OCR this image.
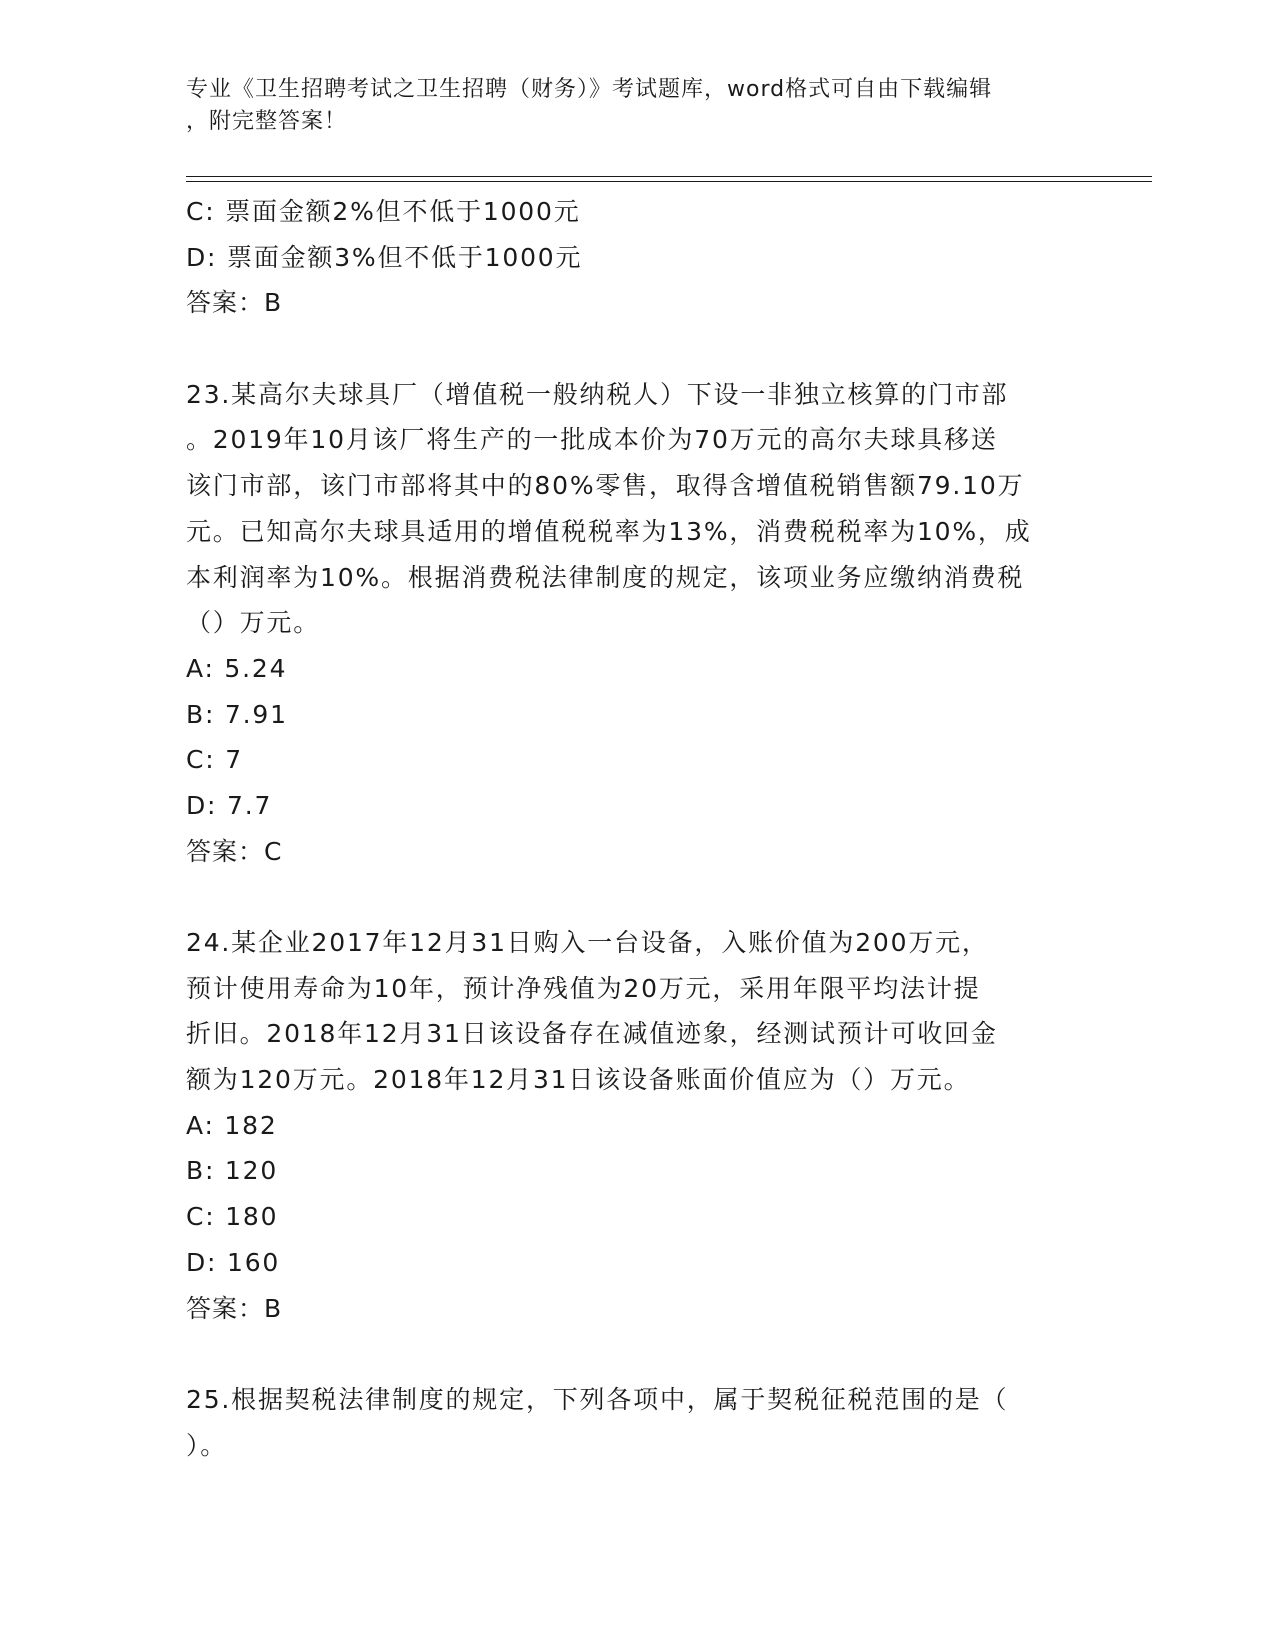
专业《卫生招聘考试之卫生招聘（财务）》考试题库，word格式可自由下载编辑
，附完整答案！
C: 票面金额2%但不低于1000元
D: 票面金额3%但不低于1000元
答案：B
23.某高尔夫球具厂（增值税一般纳税人）下设一非独立核算的门市部
。2019年10月该厂将生产的一批成本价为70万元的高尔夫球具移送
该门市部，该门市部将其中的80%零售，取得含增值税销售额79.10万
元。已知高尔夫球具适用的增值税税率为13%，消费税税率为10%，成
本利润率为10%。根据消费税法律制度的规定，该项业务应缴纳消费税
（）万元。
A: 5.24
B: 7.91
C: 7
D: 7.7
答案：C
24.某企业2017年12月31日购入一台设备，入账价值为200万元，
预计使用寿命为10年，预计净残值为20万元，采用年限平均法计提
折旧。2018年12月31日该设备存在减值迹象，经测试预计可收回金
额为120万元。2018年12月31日该设备账面价值应为（）万元。
A: 182
B: 120
C: 180
D: 160
答案：B
25.根据契税法律制度的规定，下列各项中，属于契税征税范围的是（
）。
